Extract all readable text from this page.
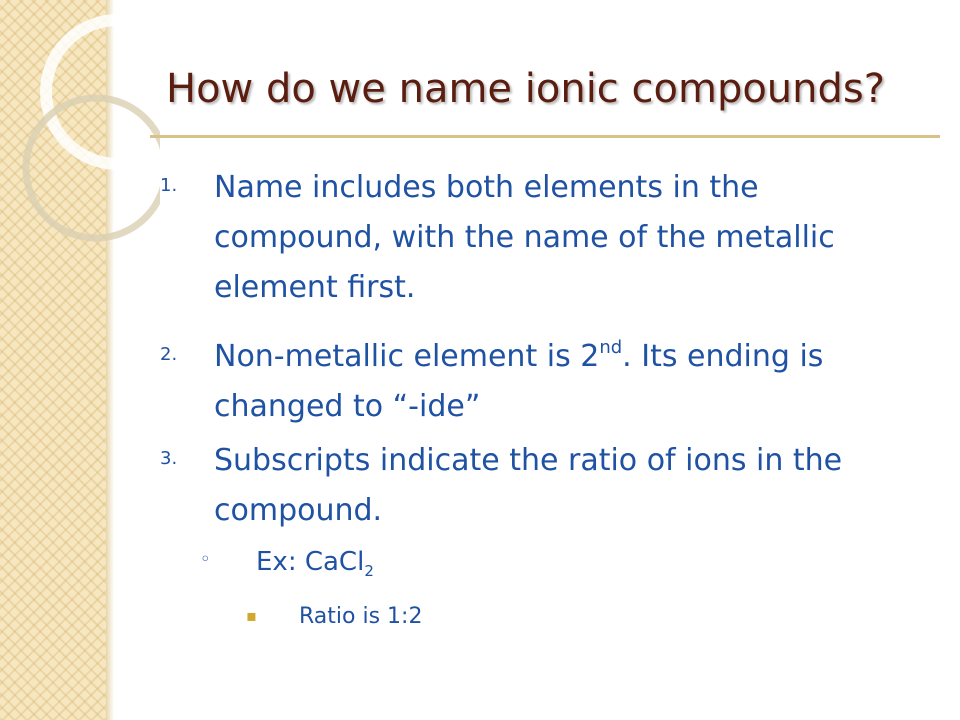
How do we name ionic compounds?
1.	Name includes both elements in the compound, with the name of the metallic element first.
2.	Non-metallic element is 2nd. Its ending is changed to “-ide”
3.	Subscripts indicate the ratio of ions in the compound.
◦ Ex: CaCl$_2$
▪ Ratio is 1:2
